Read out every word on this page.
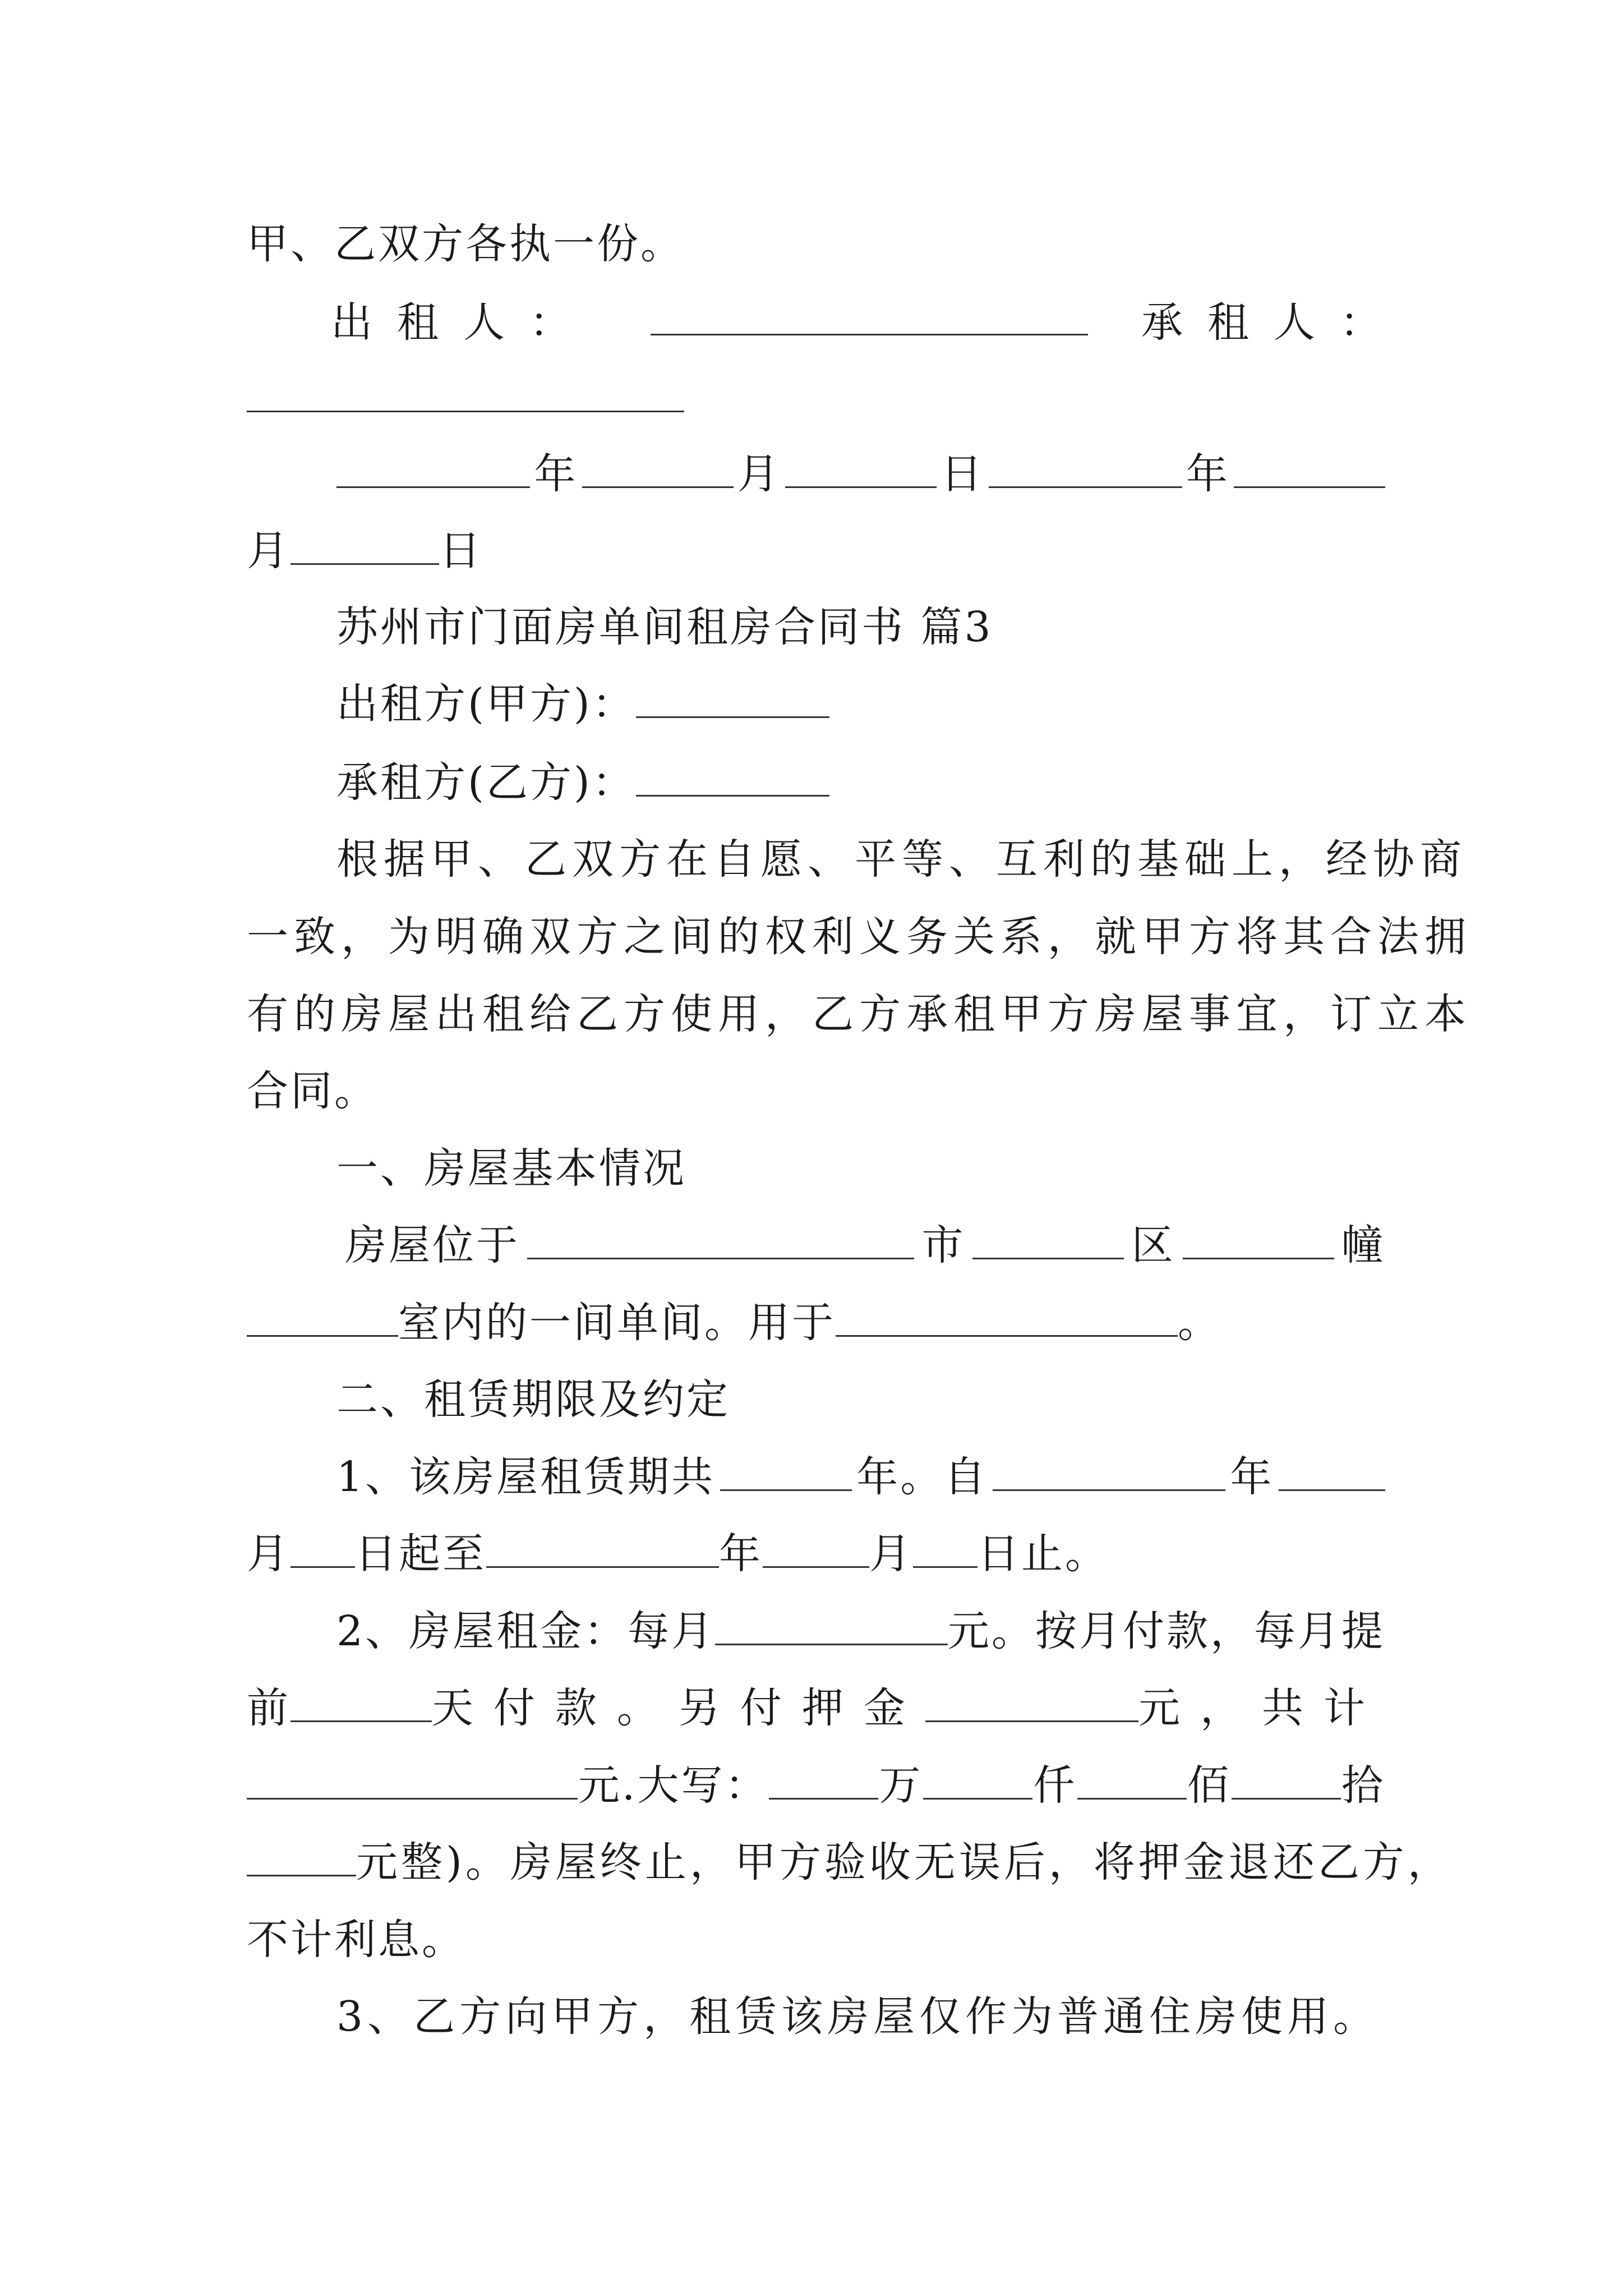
甲、乙双方各执一份。
出租人：	承租人：
年	月	日	年
月	日
苏州市门面房单间租房合同书 篇3
出租方(甲方)：
承租方(乙方)：
根据甲、乙双方在自愿、平等、互利的基础上，经协商
一致，为明确双方之间的权利义务关系，就甲方将其合法拥
有的房屋出租给乙方使用，乙方承租甲方房屋事宜，订立本
合同。
一、房屋基本情况
房屋位于	市	区	幢
室内的一间单间。用于	。
二、租赁期限及约定
1、该房屋租赁期共	年。自	年
月 日起至	年	月 日止。
2、房屋租金：每月	元。按月付款，每月提
前	天付款。另付押金	元，共计
元.大写：	万	仟	佰	拾
元整)。房屋终止，甲方验收无误后，将押金退还乙方，
不计利息。
3、乙方向甲方，租赁该房屋仅作为普通住房使用。
